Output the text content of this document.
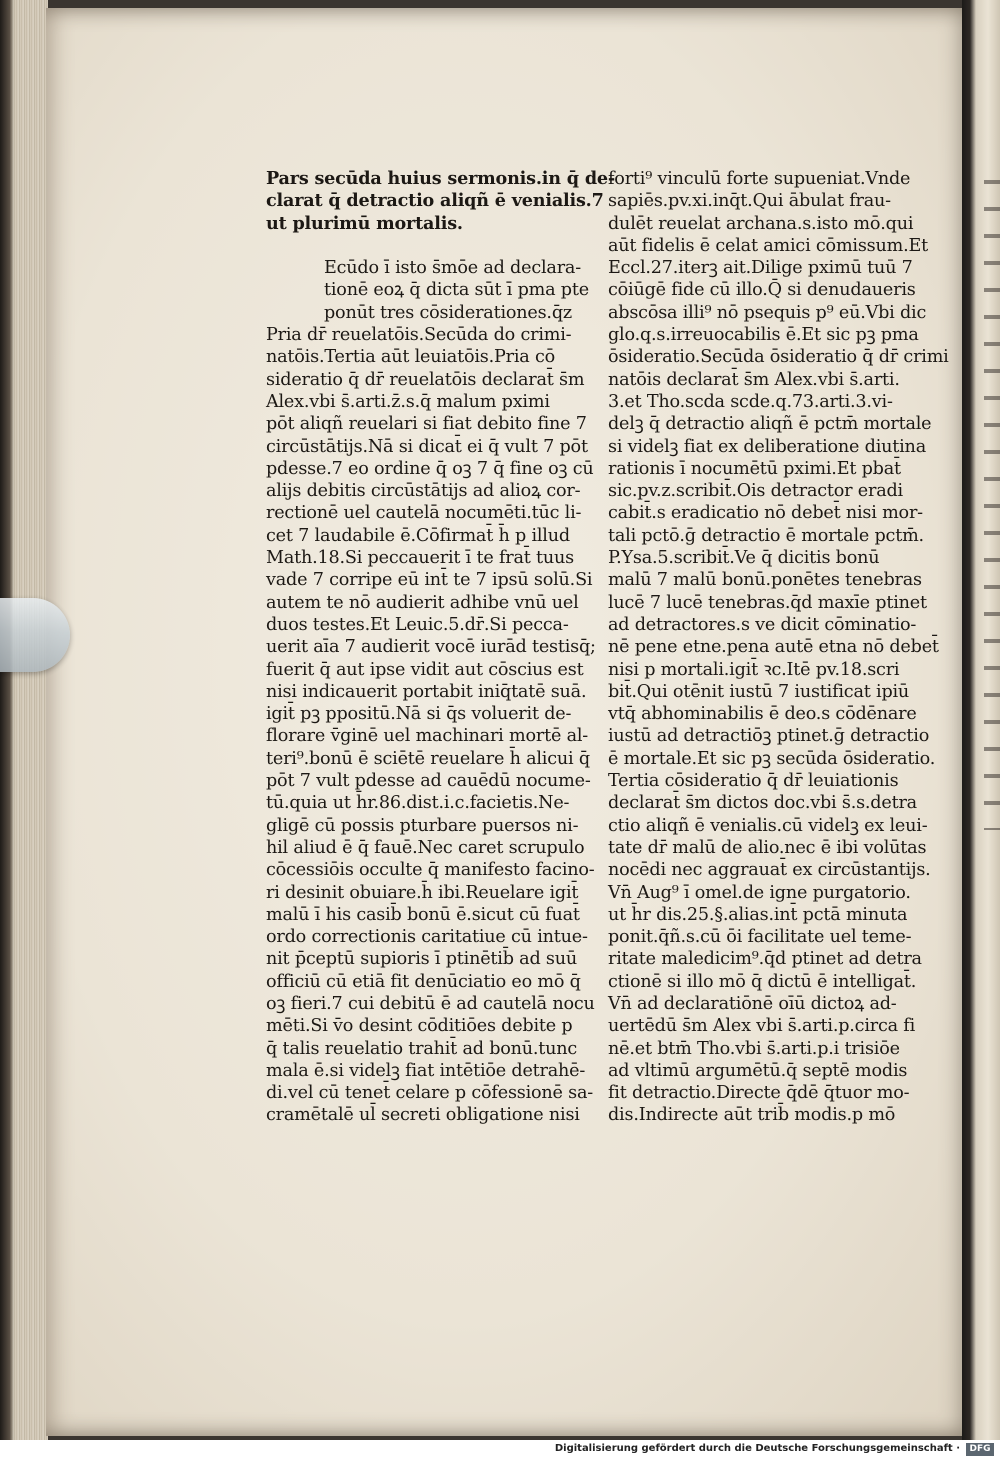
Pars secūda huius sermonis.in q̄ de-
clarat q̄ detractio aliqñ ē venialis.7
ut plurimū mortalis.
Ecūdo ī isto s̄mōe ad declara-
tionē eoꝝ q̄ dicta sūt ī pma pte
ponūt tres cōsiderationes.q̄z
Pria dr̄ reuelatōis.Secūda do crimi-
natōis.Tertia aūt leuiatōis.Pria cō
sideratio q̄ dr̄ reuelatōis declarat̄ s̄m
Alex.vbi s̄.arti.z̄.s.q̄ malum pximi
pōt aliqñ reuelari si fiat debito fine 7
circūstātijs.Nā si dicat̄ ei q̄ vult 7 pōt
pdesse.7 eo ordine q̄ oꝫ 7 q̄ fine oꝫ cū
alijs debitis circūstātijs ad alioꝝ cor-
rectionē uel cautelā nocumēti.tūc li-
cet 7 laudabile ē.Cōfirmat̄ h̄ p illud
Math.18.Si peccauerit ī te frat̄ tuus
vade 7 corripe eū int̄ te 7 ipsū solū.Si
autem te nō audierit adhibe vnū uel
duos testes.Et Leuic.5.dr̄.Si pecca-
uerit aīa 7 audierit vocē iurād testisq̄;
fuerit q̄ aut ipse vidit aut cōscius est
nisi indicauerit portabit iniq̄tatē suā.
igit̄ pꝫ ppositū.Nā si q̄s voluerit de-
florare v̄ginē uel machinari mortē al-
teri⁹.bonū ē sciētē reuelare h̄ alicui q̄
pōt 7 vult pdesse ad cauēdū nocume-
tū.quia ut h̄r.86.dist.i.c.facietis.Ne-
gligē cū possis pturbare puersos ni-
hil aliud ē q̄ fauē.Nec caret scrupulo
cōcessiōis occulte q̄ manifesto facino-
ri desinit obuiare.h̄ ibi.Reuelare igit̄
malū ī his casib̄ bonū ē.sicut cū fuat̄
ordo correctionis caritatiue cū intue-
nit p̄ceptū supioris ī ptinētib̄ ad suū
officiū cū etiā fit denūciatio eo mō q̄
oꝫ fieri.7 cui debitū ē ad cautelā nocu
mēti.Si v̄o desint cōditiōes debite p
q̄ talis reuelatio trahit̄ ad bonū.tunc
mala ē.si videlꝫ fiat intētiōe detrahē-
di.vel cū tenet̄ celare p cōfessionē sa-
cramētalē ul̄ secreti obligatione nisi
forti⁹ vinculū forte supueniat.Vnde
sapiēs.pv.xi.inq̄t.Qui ābulat frau-
dulēt reuelat archana.s.isto mō.qui
aūt fidelis ē celat amici cōmissum.Et
Eccl.27.iterꝫ ait.Dilige pximū tuū 7
cōiūgē fide cū illo.Q̄ si denudaueris
abscōsa illi⁹ nō psequis p⁹ eū.Vbi dic
glo.q.s.irreuocabilis ē.Et sic pꝫ pma
ōsideratio.Secūda ōsideratio q̄ dr̄ crimi
natōis declarat̄ s̄m Alex.vbi s̄.arti.
3.et Tho.scda scde.q.73.arti.3.vi-
delꝫ q̄ detractio aliqñ ē pctm̄ mortale
si videlꝫ fiat ex deliberatione diutina
rationis ī nocumētū pximi.Et pbat̄
sic.pv.z.scribit̄.Ois detractor eradi
cabit̄.s eradicatio nō debet̄ nisi mor-
tali pctō.ḡ detractio ē mortale pctm̄.
P.Ysa.5.scribit̄.Ve q̄ dicitis bonū
malū 7 malū bonū.ponētes tenebras
lucē 7 lucē tenebras.q̄d maxīe ptinet
ad detractores.s ve dicit cōminatio-
nē pene etne.pena autē etna nō debet̄
nisi p mortali.igit̄ ꝛc.Itē pv.18.scri
bit̄.Qui otēnit iustū 7 iustificat ipiū
vtq̄ abhominabilis ē deo.s cōdēnare
iustū ad detractiōꝫ ptinet.ḡ detractio
ē mortale.Et sic pꝫ secūda ōsideratio.
Tertia cōsideratio q̄ dr̄ leuiationis
declarat̄ s̄m dictos doc.vbi s̄.s.detra
ctio aliqñ ē venialis.cū videlꝫ ex leui-
tate dr̄ malū de alio.nec ē ibi volūtas
nocēdi nec aggrauat̄ ex circūstantijs.
Vn̄ Aug⁹ ī omel.de igne purgatorio.
ut h̄r dis.25.§.alias.int̄ pctā minuta
ponit.q̄ñ.s.cū ōi facilitate uel teme-
ritate maledicim⁹.q̄d ptinet ad detra
ctionē si illo mō q̄ dictū ē intelligat̄.
Vn̄ ad declaratiōnē oīū dictoꝝ ad-
uertēdū s̄m Alex vbi s̄.arti.p.circa fi
nē.et btm̄ Tho.vbi s̄.arti.p.i trisiōe
ad vltimū argumētū.q̄ septē modis
fit detractio.Directe q̄dē q̄tuor mo-
dis.Indirecte aūt trib̄ modis.p mō
Digitalisierung gefördert durch die Deutsche Forschungsgemeinschaft ·	DFG
